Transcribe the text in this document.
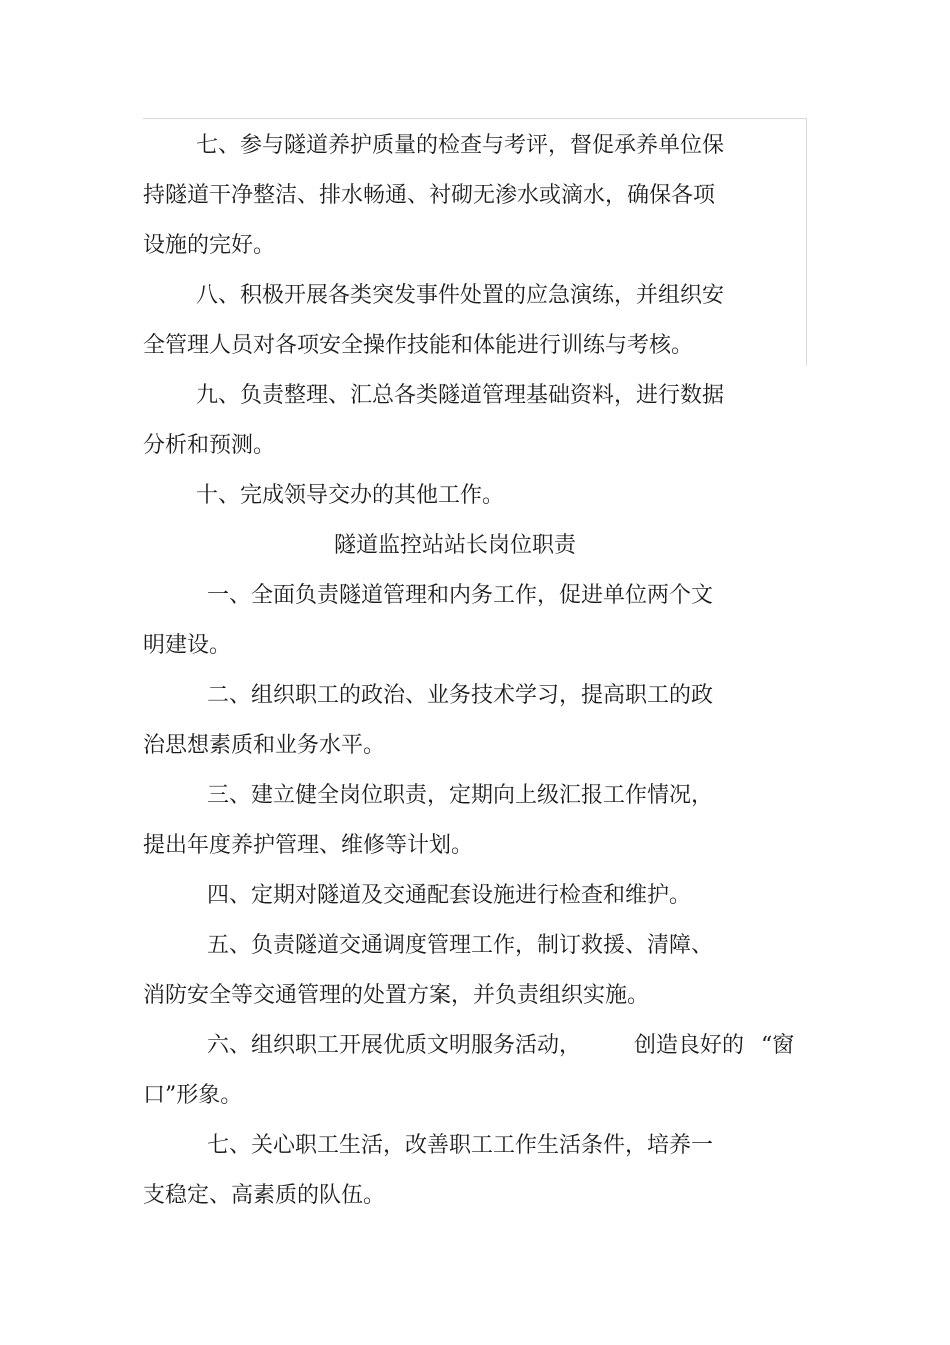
七、参与隧道养护质量的检查与考评，督促承养单位保
持隧道干净整洁、排水畅通、衬砌无渗水或滴水，确保各项
设施的完好。
八、积极开展各类突发事件处置的应急演练，并组织安
全管理人员对各项安全操作技能和体能进行训练与考核。
九、负责整理、汇总各类隧道管理基础资料，进行数据
分析和预测。
十、完成领导交办的其他工作。
隧道监控站站长岗位职责
一、全面负责隧道管理和内务工作，促进单位两个文
明建设。
二、组织职工的政治、业务技术学习，提高职工的政
治思想素质和业务水平。
三、建立健全岗位职责，定期向上级汇报工作情况，
提出年度养护管理、维修等计划。
四、定期对隧道及交通配套设施进行检查和维护。
五、负责隧道交通调度管理工作，制订救援、清障、
消防安全等交通管理的处置方案，并负责组织实施。
六、组织职工开展优质文明服务活动， 创造良好的 “窗
口”形象。
七、关心职工生活，改善职工工作生活条件，培养一
支稳定、高素质的队伍。
